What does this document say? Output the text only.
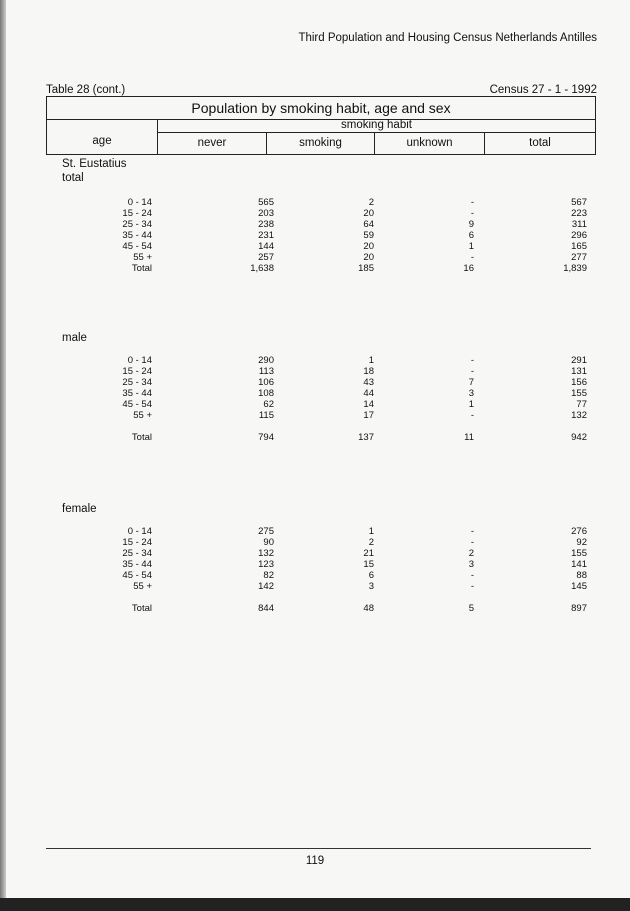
Third Population and Housing Census Netherlands Antilles
Table 28 (cont.)	Census 27 - 1 - 1992
Population by smoking habit, age and sex
age
smoking habit
never	smoking	unknown	total
St. Eustatius
total
0 - 14	565	2	-	567
15 - 24	203	20	-	223
25 - 34	238	64	9	311
35 - 44	231	59	6	296
45 - 54	144	20	1	165
55 +	257	20	-	277
Total	1,638	185	16	1,839
male
0 - 14	290	1	-	291
15 - 24	113	18	-	131
25 - 34	106	43	7	156
35 - 44	108	44	3	155
45 - 54	62	14	1	77
55 +	115	17	-	132
Total	794	137	11	942
female
0 - 14	275	1	-	276
15 - 24	90	2	-	92
25 - 34	132	21	2	155
35 - 44	123	15	3	141
45 - 54	82	6	-	88
55 +	142	3	-	145
Total	844	48	5	897
119
